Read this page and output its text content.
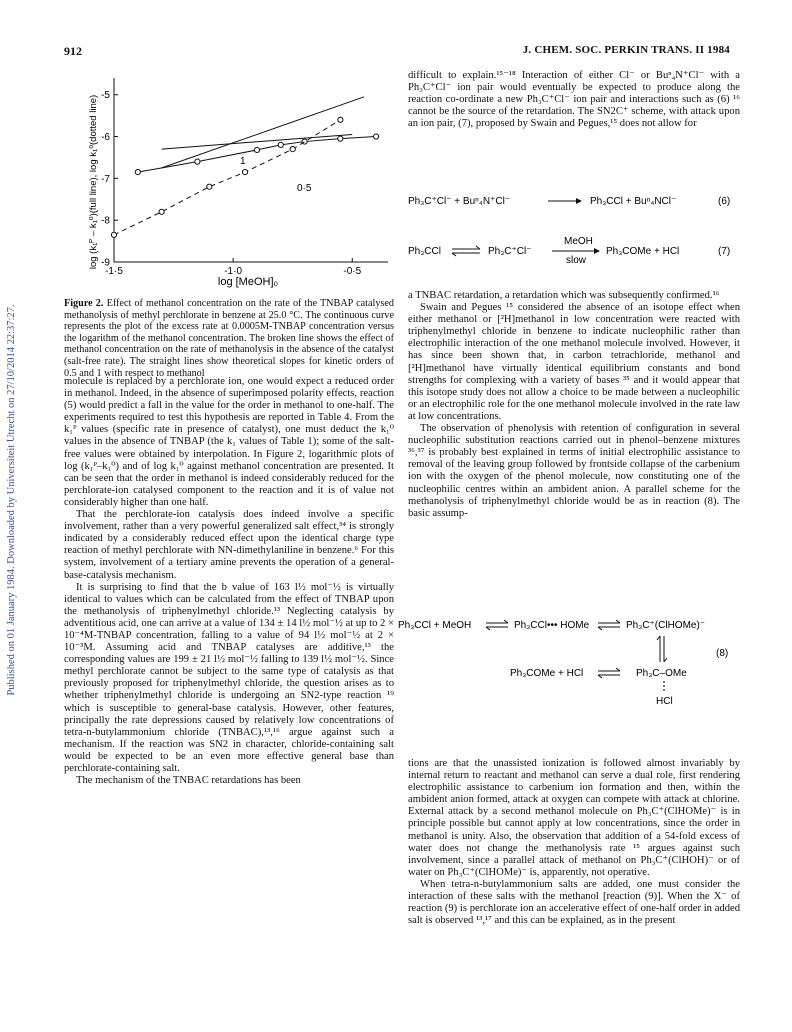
912	J. CHEM. SOC. PERKIN TRANS. II 1984
Published on 01 January 1984. Downloaded by Universiteit Utrecht on 27/10/2014 22:37:27.
-1·5	-1·0	-0·5
-9
-8
-7
-6
-5
log [MeOH]₀
log (k₁ᴾ – k₁⁰)(full line), log k₁⁰(dotted line)	1
0·5
Figure 2. Effect of methanol concentration on the rate of the TNBAP catalysed methanolysis of methyl perchlorate in benzene at 25.0 °C. The continuous curve represents the plot of the excess rate at 0.0005M-TNBAP concentration versus the logarithm of the methanol concentration. The broken line shows the effect of methanol concentration on the rate of methanolysis in the absence of the catalyst (salt-free rate). The straight lines show theoretical slopes for kinetic orders of 0.5 and 1 with respect to methanol

molecule is replaced by a perchlorate ion, one would expect a reduced order in methanol. Indeed, in the absence of superimposed polarity effects, reaction (5) would predict a fall in the value for the order in methanol to one-half. The experiments required to test this hypothesis are reported in Table 4. From the k₁ᴾ values (specific rate in presence of catalyst), one must deduct the k₁⁰ values in the absence of TNBAP (the k₁ values of Table 1); some of the salt-free values were obtained by interpolation. In Figure 2, logarithmic plots of log (k₁ᴾ–k₁⁰) and of log k₁⁰ against methanol concentration are presented. It can be seen that the order in methanol is indeed considerably reduced for the perchlorate-ion catalysed component to the reaction and it is of value not considerably higher than one half.

That the perchlorate-ion catalysis does indeed involve a specific involvement, rather than a very powerful generalized salt effect,³⁴ is strongly indicated by a considerably reduced effect upon the identical charge type reaction of methyl perchlorate with NN-dimethylaniline in benzene.⁶ For this system, involvement of a tertiary amine prevents the operation of a general-base-catalysis mechanism.

It is surprising to find that the b value of 163 l½ mol⁻½ is virtually identical to values which can be calculated from the effect of TNBAP upon the methanolysis of triphenylmethyl chloride.¹³ Neglecting catalysis by adventitious acid, one can arrive at a value of 134 ± 14 l½ mol⁻½ at up to 2 × 10⁻⁴M-TNBAP concentration, falling to a value of 94 l½ mol⁻½ at 2 × 10⁻³M. Assuming acid and TNBAP catalyses are additive,¹³ the corresponding values are 199 ± 21 l½ mol⁻½ falling to 139 l½ mol⁻½. Since methyl perchlorate cannot be subject to the same type of catalysis as that previously proposed for triphenylmethyl chloride, the question arises as to whether triphenylmethyl chloride is undergoing an SN2-type reaction ¹⁹ which is susceptible to general-base catalysis. However, other features, principally the rate depressions caused by relatively low concentrations of tetra-n-butylammonium chloride (TNBAC),¹³,¹⁶ argue against such a mechanism. If the reaction was SN2 in character, chloride-containing salt would be expected to be an even more effective general base than perchlorate-containing salt.

The mechanism of the TNBAC retardations has been

difficult to explain.¹⁵⁻¹⁸ Interaction of either Cl⁻ or Buⁿ₄N⁺Cl⁻ with a Ph₃C⁺Cl⁻ ion pair would eventually be expected to produce along the reaction co-ordinate a new Ph₃C⁺Cl⁻ ion pair and interactions such as (6) ¹⁶ cannot be the source of the retardation. The SN2C⁺ scheme, with attack upon an ion pair, (7), proposed by Swain and Pegues,¹⁵ does not allow for

Ph₃C⁺Cl⁻ + Buⁿ₄N⁺Cl⁻	Ph₃CCl + Buⁿ₄NCl⁻	(6)
Ph₃CCl	Ph₃C⁺Cl⁻
MeOH
slow
Ph₃COMe + HCl	(7)

a TNBAC retardation, a retardation which was subsequently confirmed.¹⁶

Swain and Pegues ¹⁵ considered the absence of an isotope effect when either methanol or [²H]methanol in low concentration were reacted with triphenylmethyl chloride in benzene to indicate nucleophilic rather than electrophilic interaction of the one methanol molecule involved. However, it has since been shown that, in carbon tetrachloride, methanol and [²H]methanol have virtually identical equilibrium constants and bond strengths for complexing with a variety of bases ³⁵ and it would appear that this isotope study does not allow a choice to be made between a nucleophilic or an electrophilic role for the one methanol molecule involved in the rate law at low concentrations.

The observation of phenolysis with retention of configuration in several nucleophilic substitution reactions carried out in phenol–benzene mixtures ³⁶,³⁷ is probably best explained in terms of initial electrophilic assistance to removal of the leaving group followed by frontside collapse of the carbenium ion with the oxygen of the phenol molecule, now constituting one of the nucleophilic centres within an ambident anion. A parallel scheme for the methanolysis of triphenylmethyl chloride would be as in reaction (8). The basic assump-

Ph₃CCl + MeOH	Ph₃CCl••• HOMe	Ph₃C⁺(ClHOMe)⁻
(8)
Ph₃COMe + HCl	Ph₃C–OMe
HCl

tions are that the unassisted ionization is followed almost invariably by internal return to reactant and methanol can serve a dual role, first rendering electrophilic assistance to carbenium ion formation and then, within the ambident anion formed, attack at oxygen can compete with attack at chlorine. External attack by a second methanol molecule on Ph₃C⁺(ClHOMe)⁻ is in principle possible but cannot apply at low concentrations, since the order in methanol is unity. Also, the observation that addition of a 54-fold excess of water does not change the methanolysis rate ¹⁵ argues against such involvement, since a parallel attack of methanol on Ph₃C⁺(ClHOH)⁻ or of water on Ph₃C⁺(ClHOMe)⁻ is, apparently, not operative.

When tetra-n-butylammonium salts are added, one must consider the interaction of these salts with the methanol [reaction (9)]. When the X⁻ of reaction (9) is perchlorate ion an accelerative effect of one-half order in added salt is observed ¹³,¹⁷ and this can be explained, as in the present
